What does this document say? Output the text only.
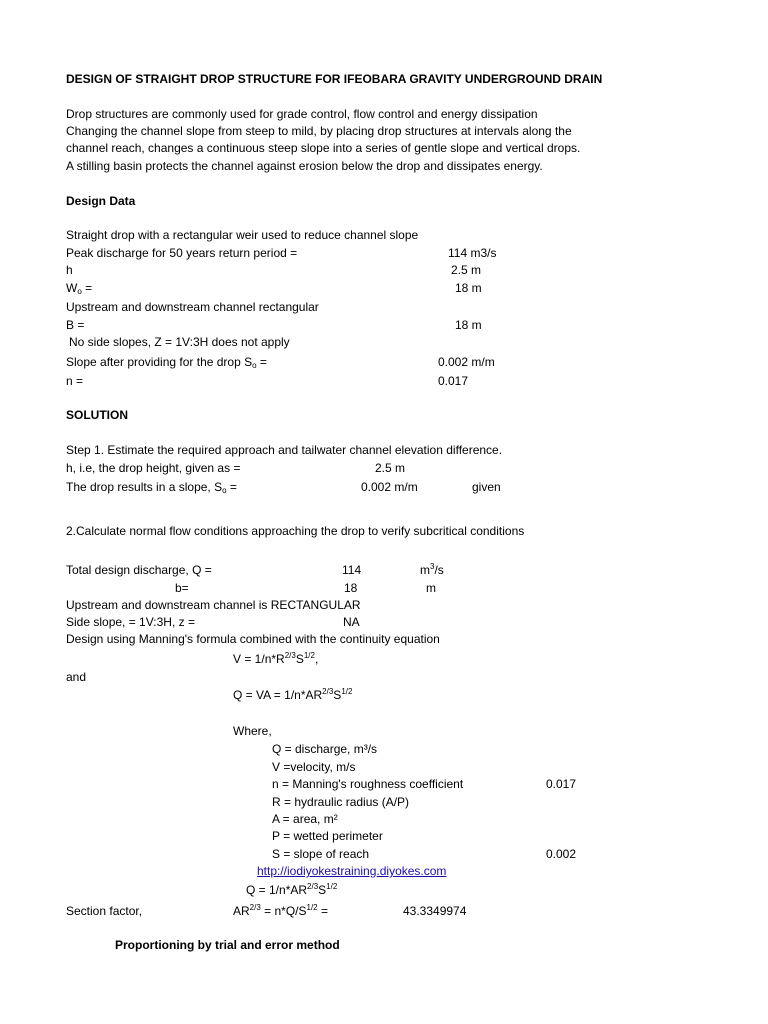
DESIGN OF STRAIGHT DROP STRUCTURE FOR IFEOBARA GRAVITY UNDERGROUND DRAIN
Drop structures are commonly used for grade control, flow control and energy dissipation
Changing the channel slope from steep to mild, by placing drop structures at intervals along the
channel reach, changes a continuous steep slope into a series of gentle slope and vertical drops.
A stilling basin protects the channel against erosion below the drop and dissipates energy.
Design Data
Straight drop with a rectangular weir used to reduce channel slope
Peak discharge for 50 years return period =	114 m3/s
h	2.5 m
$W_o$ =	18 m
Upstream and downstream channel rectangular
B =	18 m
No side slopes, Z = 1V:3H does not apply
Slope after providing for the drop $S_o$ =	0.002 m/m
n =	0.017
SOLUTION
Step 1. Estimate the required approach and tailwater channel elevation difference.
h, i.e, the drop height, given as =	2.5 m
The drop results in a slope, $S_o$ =	0.002 m/m	given
2.Calculate normal flow conditions approaching the drop to verify subcritical conditions
Total design discharge, Q =	114	$m^3/s$
b=	18	m
Upstream and downstream channel is RECTANGULAR
Side slope, = 1V:3H, z =	NA
Design using Manning's formula combined with the continuity equation
$V = 1/n*R^{2/3}S^{1/2}$,
and
Q = VA = $1/n*AR^{2/3}S^{1/2}$
Where,
Q = discharge, m³/s
V =velocity, m/s
n = Manning's roughness coefficient	0.017
R = hydraulic radius (A/P)
A = area, m²
P = wetted perimeter
S = slope of reach	0.002
http://iodiyokestraining.diyokes.com
$Q = 1/n*AR^{2/3}S^{1/2}$
Section factor,	$AR^{2/3} = n*Q/S^{1/2}$ =	43.3349974
Proportioning by trial and error method
